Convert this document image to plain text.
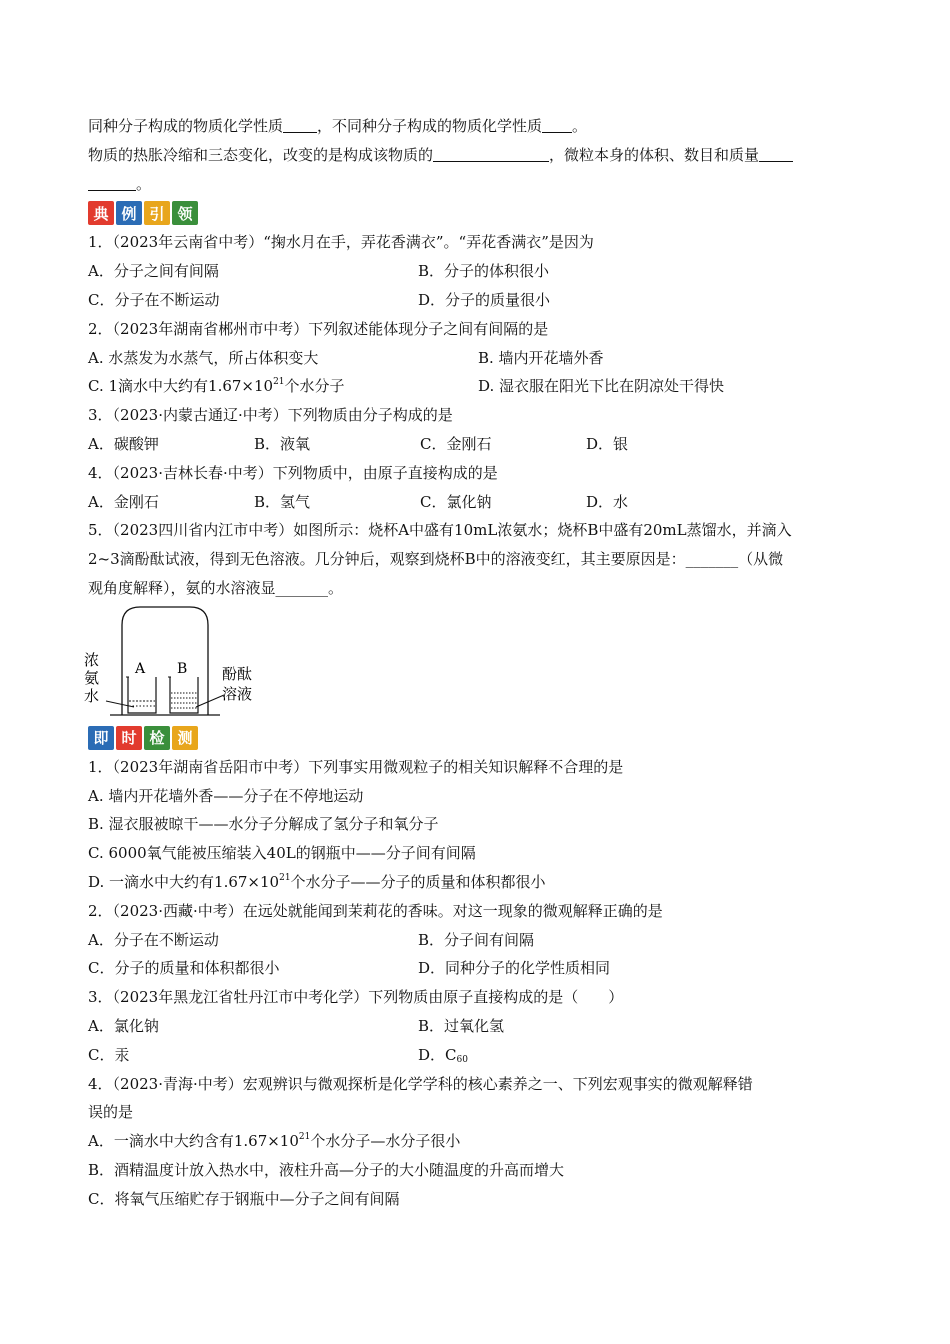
同种分子构成的物质化学性质 ，不同种分子构成的物质化学性质 。
物质的热胀冷缩和三态变化，改变的是构成该物质的	，微粒本身的体积、数目和质量
。
典 例 引 领
1．（2023年云南省中考）“掬水月在手，弄花香满衣”。“弄花香满衣”是因为
A．分子之间有间隔	B．分子的体积很小
C．分子在不断运动	D．分子的质量很小
2．（2023年湖南省郴州市中考）下列叙述能体现分子之间有间隔的是
A. 水蒸发为水蒸气，所占体积变大	B. 墙内开花墙外香
C. 1滴水中大约有$1.67\times 10^{21}$个水分子	D. 湿衣服在阳光下比在阴凉处干得快
3．（2023·内蒙古通辽·中考）下列物质由分子构成的是
A．碳酸钾	B．液氧	C．金刚石	D．银
4．（2023·吉林长春·中考）下列物质中，由原子直接构成的是
A．金刚石	B．氢气	C．氯化钠	D．水
5．（2023四川省内江市中考）如图所示：烧杯A中盛有10mL浓氨水；烧杯B中盛有20mL蒸馏水，并滴入
2~3滴酚酞试液，得到无色溶液。几分钟后，观察到烧杯B中的溶液变红，其主要原因是：_______（从微
观角度解释），氨的水溶液显_______。
A B
浓
氨
水
酚酞
溶液
即 时 检 测
1．（2023年湖南省岳阳市中考）下列事实用微观粒子的相关知识解释不合理的是
A. 墙内开花墙外香——分子在不停地运动
B. 湿衣服被晾干——水分子分解成了氢分子和氧分子
C. 6000氧气能被压缩装入40L的钢瓶中——分子间有间隔
D. 一滴水中大约有$1.67\times 10^{21}$个水分子——分子的质量和体积都很小
2．（2023·西藏·中考）在远处就能闻到茉莉花的香味。对这一现象的微观解释正确的是
A．分子在不断运动	B．分子间有间隔
C．分子的质量和体积都很小	D．同种分子的化学性质相同
3．（2023年黑龙江省牡丹江市中考化学）下列物质由原子直接构成的是（　　）
A．氯化钠	B．过氧化氢
C．汞	D．$C_{60}$
4．（2023·青海·中考）宏观辨识与微观探析是化学学科的核心素养之一、下列宏观事实的微观解释错
误的是
A．一滴水中大约含有$1.67\times 10^{21}$个水分子—水分子很小
B．酒精温度计放入热水中，液柱升高—分子的大小随温度的升高而增大
C．将氧气压缩贮存于钢瓶中—分子之间有间隔
